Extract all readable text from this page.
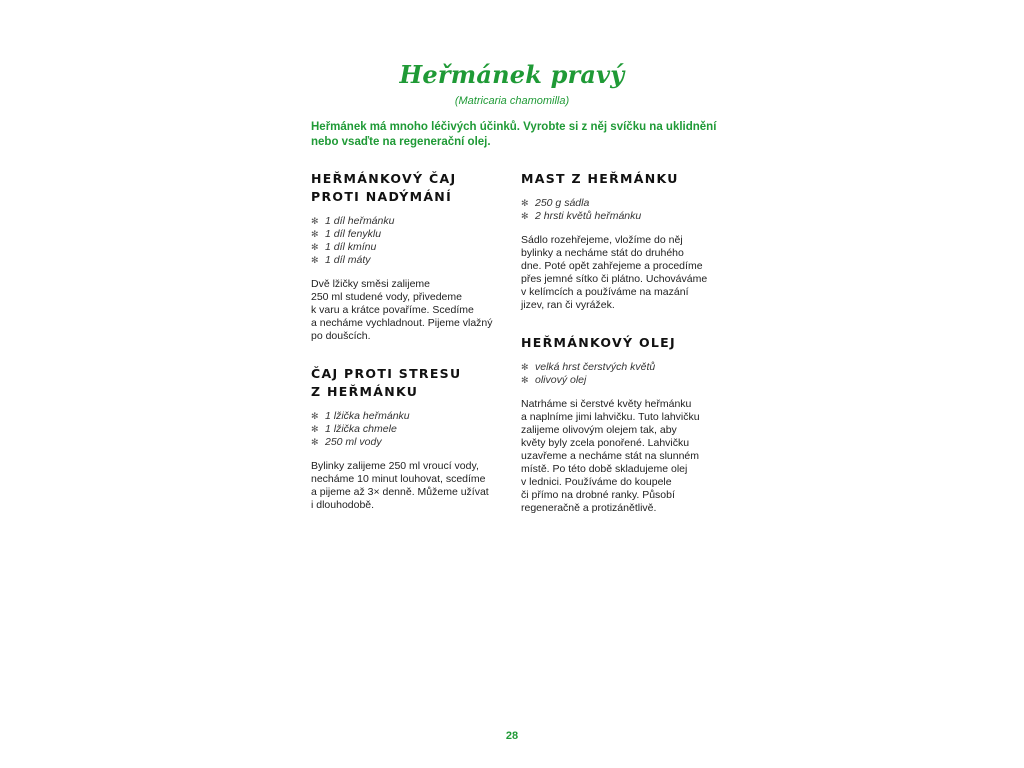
Heřmánek pravý
(Matricaria chamomilla)
Heřmánek má mnoho léčivých účinků. Vyrobte si z něj svíčku na uklidnění nebo vsaďte na regenerační olej.
HEŘMÁNKOVÝ ČAJ
PROTI NADÝMÁNÍ
✻ 1 díl heřmánku
✻ 1 díl fenyklu
✻ 1 díl kmínu
✻ 1 díl máty
Dvě lžičky směsi zalijeme
250 ml studené vody, přivedeme
k varu a krátce povaříme. Scedíme
a necháme vychladnout. Pijeme vlažný
po doušcích.
ČAJ PROTI STRESU
Z HEŘMÁNKU
✻ 1 lžička heřmánku
✻ 1 lžička chmele
✻ 250 ml vody
Bylinky zalijeme 250 ml vroucí vody,
necháme 10 minut louhovat, scedíme
a pijeme až 3× denně. Můžeme užívat
i dlouhodobě.
MAST Z HEŘMÁNKU
✻ 250 g sádla
✻ 2 hrsti květů heřmánku
Sádlo rozehřejeme, vložíme do něj
bylinky a necháme stát do druhého
dne. Poté opět zahřejeme a procedíme
přes jemné sítko či plátno. Uchováváme
v kelímcích a používáme na mazání
jizev, ran či vyrážek.
HEŘMÁNKOVÝ OLEJ
✻ velká hrst čerstvých květů
✻ olivový olej
Natrháme si čerstvé květy heřmánku
a naplníme jimi lahvičku. Tuto lahvičku
zalijeme olivovým olejem tak, aby
květy byly zcela ponořené. Lahvičku
uzavřeme a necháme stát na slunném
místě. Po této době skladujeme olej
v lednici. Používáme do koupele
či přímo na drobné ranky. Působí
regeneračně a protizánětlivě.
28
